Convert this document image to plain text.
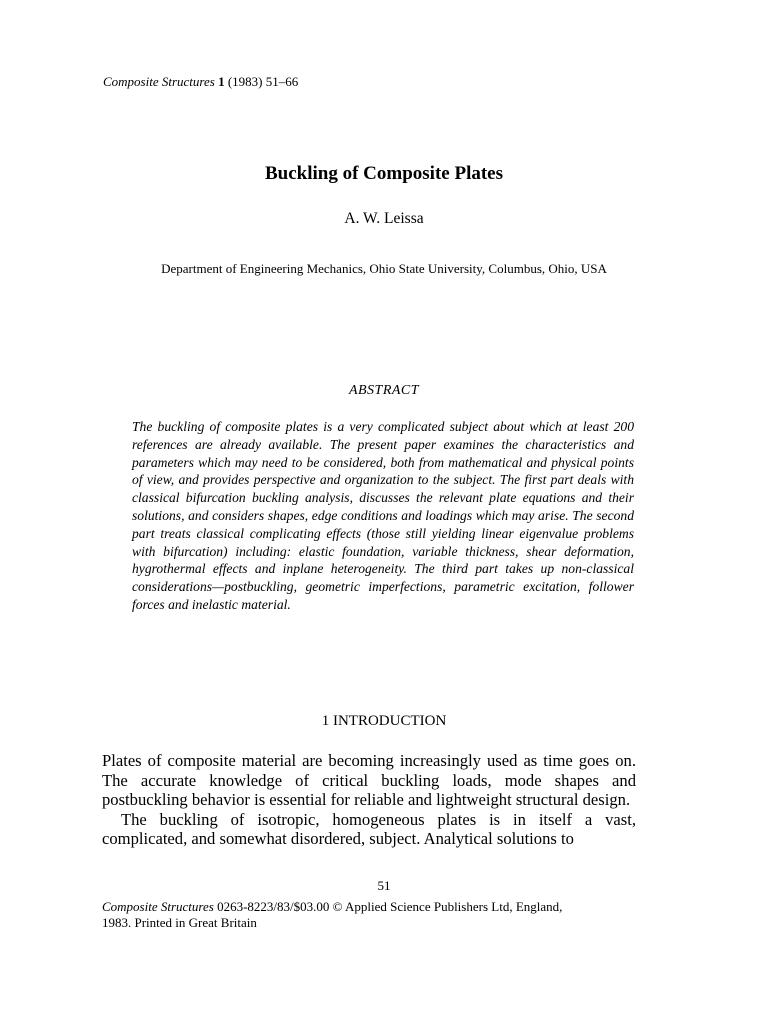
Composite Structures 1 (1983) 51–66
Buckling of Composite Plates
A. W. Leissa
Department of Engineering Mechanics, Ohio State University, Columbus, Ohio, USA
ABSTRACT
The buckling of composite plates is a very complicated subject about which at least 200 references are already available. The present paper examines the characteristics and parameters which may need to be considered, both from mathematical and physical points of view, and provides perspective and organization to the subject. The first part deals with classical bifurcation buckling analysis, discusses the relevant plate equations and their solutions, and considers shapes, edge conditions and loadings which may arise. The second part treats classical complicating effects (those still yielding linear eigenvalue problems with bifurcation) including: elastic foundation, variable thickness, shear deformation, hygrothermal effects and inplane heterogeneity. The third part takes up non-classical considerations—postbuckling, geometric imperfections, parametric excitation, follower forces and inelastic material.
1 INTRODUCTION

Plates of composite material are becoming increasingly used as time goes on. The accurate knowledge of critical buckling loads, mode shapes and postbuckling behavior is essential for reliable and lightweight structural design.

The buckling of isotropic, homogeneous plates is in itself a vast, complicated, and somewhat disordered, subject. Analytical solutions to

51
Composite Structures 0263-8223/83/$03.00 © Applied Science Publishers Ltd, England,
1983. Printed in Great Britain
